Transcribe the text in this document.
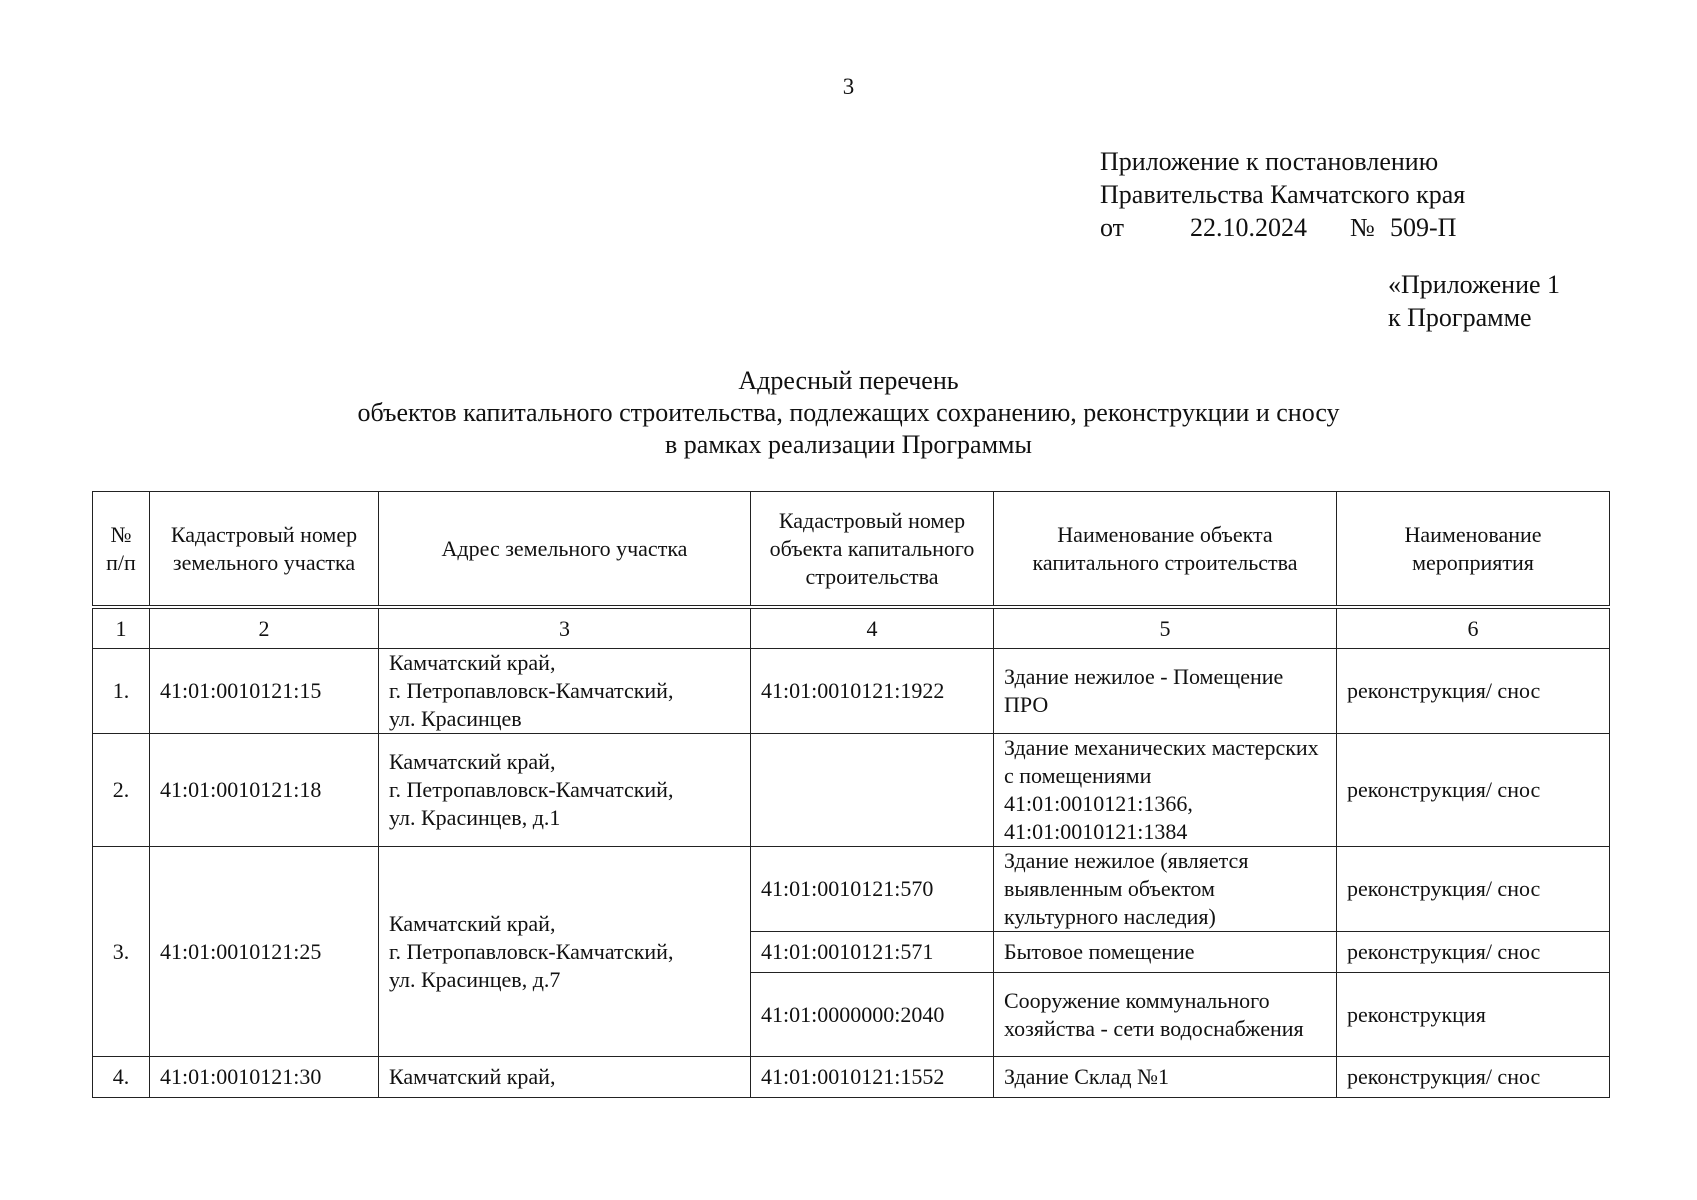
3
Приложение к постановлению
Правительства Камчатского края
от	22.10.2024 № 509-П
«Приложение 1
к Программе
Адресный перечень
объектов капитального строительства, подлежащих сохранению, реконструкции и сносу
в рамках реализации Программы
№ п/п	Кадастровый номер земельного участка	Адрес земельного участка	Кадастровый номер объекта капитального строительства	Наименование объекта капитального строительства	Наименование мероприятия

1	2	3	4	5	6
1.	41:01:0010121:15	Камчатский край,
г. Петропавловск-Камчатский,
ул. Красинцев	41:01:0010121:1922	Здание нежилое - Помещение ПРО	реконструкция/ снос
2.	41:01:0010121:18	Камчатский край,
г. Петропавловск-Камчатский,
ул. Красинцев, д.1		Здание механических мастерских с помещениями 41:01:0010121:1366, 41:01:0010121:1384	реконструкция/ снос
3.	41:01:0010121:25	Камчатский край,
г. Петропавловск-Камчатский,
ул. Красинцев, д.7	41:01:0010121:570	Здание нежилое (является выявленным объектом культурного наследия)	реконструкция/ снос
			41:01:0010121:571	Бытовое помещение	реконструкция/ снос
			41:01:0000000:2040	Сооружение коммунального хозяйства - сети водоснабжения	реконструкция
4.	41:01:0010121:30	Камчатский край,	41:01:0010121:1552	Здание Склад №1	реконструкция/ снос
